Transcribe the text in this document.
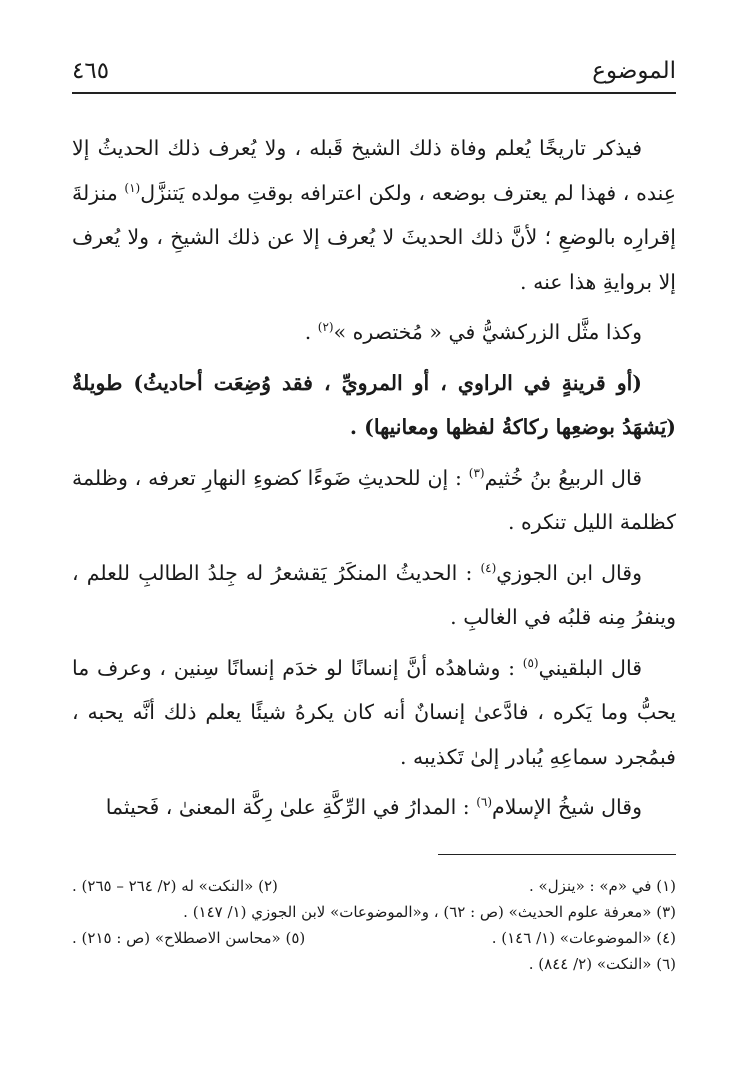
الموضوع
٤٦٥

فيذكر تاريخًا يُعلم وفاة ذلك الشيخ قَبله ، ولا يُعرف ذلك الحديثُ إلا عِنده ، فهذا لم يعترف بوضعه ، ولكن اعترافه بوقتِ مولده يَتنزَّل$^{(١)}$ منزلةَ إقرارِه بالوضعِ ؛ لأنَّ ذلك الحديثَ لا يُعرف إلا عن ذلك الشيخِ ، ولا يُعرف إلا بروايةِ هذا عنه .

وكذا مثَّل الزركشيُّ في « مُختصره »$^{(٢)}$ .

(أو قرينةٍ في الراوي ، أو المرويِّ ، فقد وُضِعَت أحاديثُ) طويلةٌ (يَشهَدُ بوضعِها ركاكةُ لفظها ومعانيها) .

قال الربيعُ بنُ خُثيم$^{(٣)}$ : إن للحديثِ ضَوءًا كضوءِ النهارِ تعرفه ، وظلمة كظلمة الليل تنكره .

وقال ابن الجوزي$^{(٤)}$ : الحديثُ المنكَرُ يَقشعرُ له جِلدُ الطالبِ للعلم ، وينفرُ مِنه قلبُه في الغالبِ .

قال البلقيني$^{(٥)}$ : وشاهدُه أنَّ إنسانًا لو خدَم إنسانًا سِنين ، وعرف ما يحبُّ وما يَكره ، فادَّعىٰ إنسانٌ أنه كان يكرهُ شيئًا يعلم ذلك أنَّه يحبه ، فبمُجرد سماعِهِ يُبادر إلىٰ تَكذيبه .

وقال شيخُ الإسلام$^{(٦)}$ : المدارُ في الرِّكَّةِ علىٰ رِكَّة المعنىٰ ، فَحيثما

(١) في «م» : «ينزل» .
(٢) «النكت» له (٢/ ٢٦٤ – ٢٦٥) .
(٣) «معرفة علوم الحديث» (ص : ٦٢) ، و«الموضوعات» لابن الجوزي (١/ ١٤٧) .
(٤) «الموضوعات» (١/ ١٤٦) .
(٥) «محاسن الاصطلاح» (ص : ٢١٥) .
(٦) «النكت» (٢/ ٨٤٤) .
